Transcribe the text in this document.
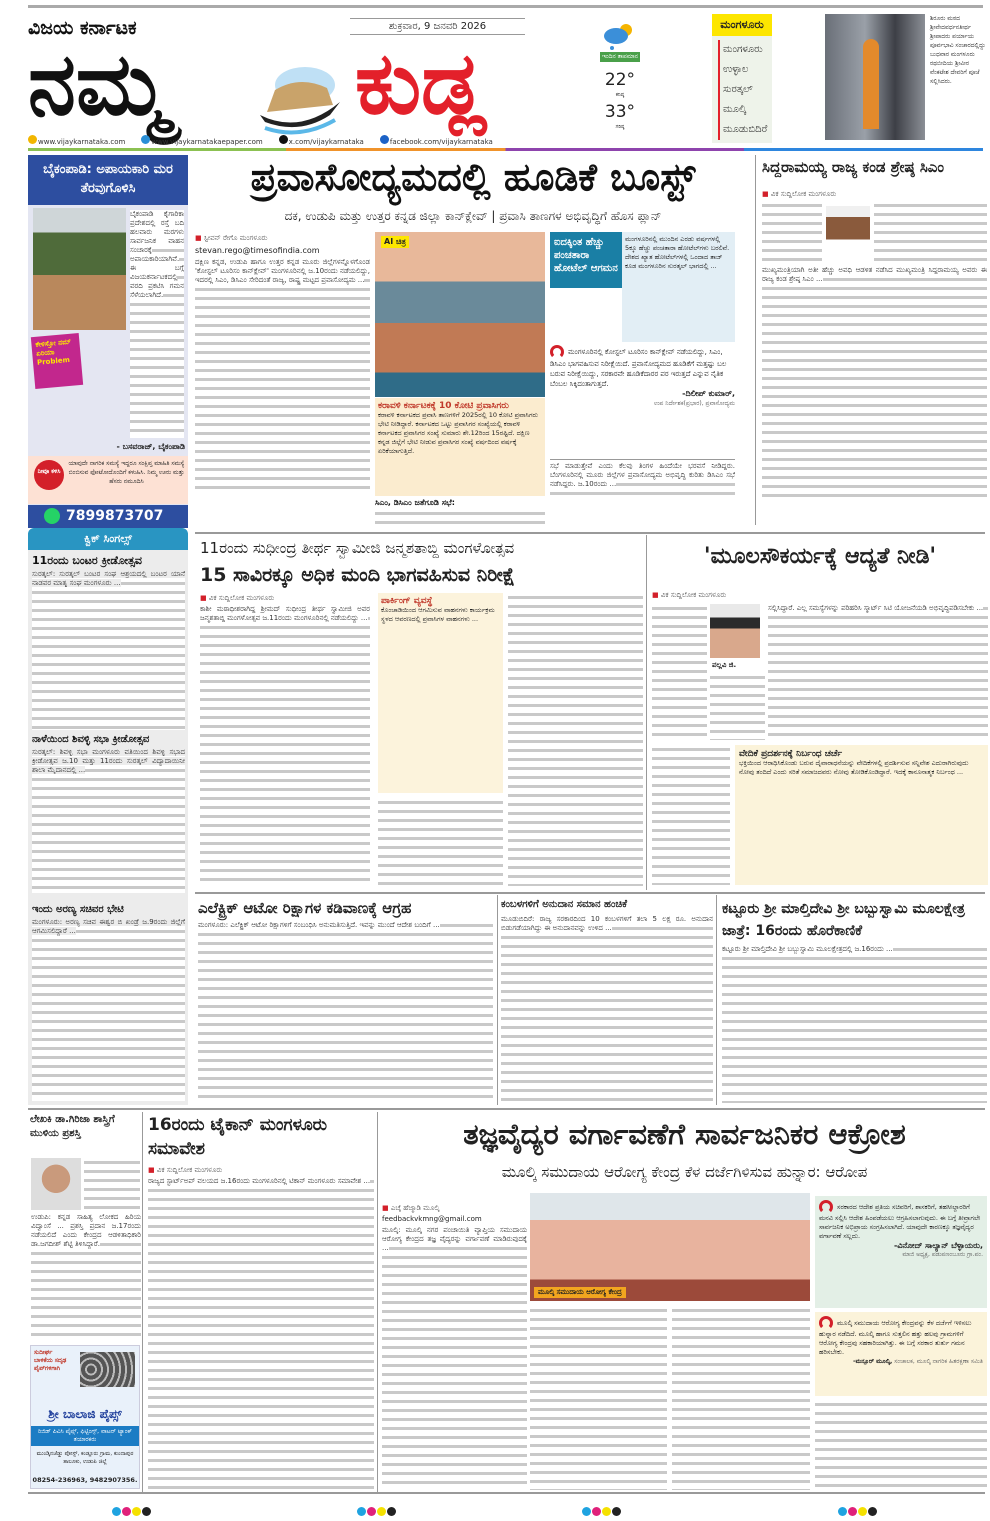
ವಿಜಯ ಕರ್ನಾಟಕ	ಶುಕ್ರವಾರ, 9 ಜನವರಿ 2026
ನಮ್ಮ ಕುಡ್ಲ	ಇಂದಿನ ತಾಪಮಾನ
22°
ಕನಿಷ್ಠ
33°
ಗರಿಷ್ಠ
ಮಂಗಳೂರು
ಮಂಗಳೂರು
ಉಳ್ಳಾಲ
ಸುರತ್ಕಲ್
ಮೂಲ್ಕಿ
ಮೂಡುಬಿದಿರೆ
ಶಿರೂರು ಮಠದ ಶ್ರೀವೇದವರ್ಧನತೀರ್ಥ ಶ್ರೀಪಾದರು ಪರ್ಯಾಯ ಪೂರ್ವಭಾವಿ ಸಂಚಾರದಲ್ಲಿದ್ದು ಬುಧವಾರ ಮಂಗಳೂರು ರಥಬೀದಿಯ ಶ್ರೀವೀರ ವೆಂಕಟೇಶ ದೇವರಿಗೆ ಪೂಜೆ ಸಲ್ಲಿಸಿದರು.
www.vijaykarnataka.com	www.vijaykarnatakaepaper.com	x.com/vijaykarnataka	facebook.com/vijaykarnataka
ಬೈಕಂಪಾಡಿ: ಅಪಾಯಕಾರಿ ಮರ ತೆರವುಗೊಳಿಸಿ
ಕೇಳಿಸ್ತೋ ನಮ್ ಏರಿಯಾ Problem
ಬೈಕಂಪಾಡಿ ಕೈಗಾರಿಕಾ ಪ್ರದೇಶದಲ್ಲಿ ರಸ್ತೆ ಬದಿ ಹಲವಾರು ಮರಗಳು ಸಾರ್ವಜನಿಕ ವಾಹನ ಸಂಚಾರಕ್ಕೆ ಅಪಾಯಕಾರಿಯಾಗಿವೆ. ಈ ಬಗ್ಗೆ ವಿಜಯಕರ್ನಾಟಕದಲ್ಲಿ ವರದಿ ಪ್ರಕಟಿಸಿ ಗಮನ ಸೆಳೆಯಲಾಗಿದೆ.
- ಬಸವರಾಜ್, ಬೈಕಂಪಾಡಿ
ನೀವೂ ಕಳಿಸಿ
ಯಾವುದೇ ನಾಗರಿಕ ಸಮಸ್ಯೆ ಇದ್ದರೂ ಸಂಕ್ಷಿಪ್ತ ಮಾಹಿತಿ ಸಮಸ್ಯೆ ಬಿಂಬಿಸುವ ಫೋಟೋದೊಂದಿಗೆ ಕಳುಹಿಸಿ. ನಿಮ್ಮ ಊರು ಮತ್ತು ಹೆಸರು ನಮೂದಿಸಿ
7899873707
ಕ್ವಿಕ್ ಸಿಂಗಲ್ಸ್
11ರಂದು ಬಂಟರ ಕ್ರೀಡೋತ್ಸವ
ಸುರತ್ಕಲ್: ಸುರತ್ಕಲ್ ಬಂಟರ ಸಂಘ ಆಶ್ರಯದಲ್ಲಿ ಬಂಟರ ಯಾನೆ ನಾಡವರ ಮಾತೃ ಸಂಘ ಮಂಗಳೂರು ...
ನಾಳೆಯಿಂದ ಶಿವಳ್ಳಿ ಸಭಾ ಕ್ರೀಡೋತ್ಸವ
ಸುರತ್ಕಲ್: ಶಿವಳ್ಳಿ ಸಭಾ ಮಂಗಳೂರು ವತಿಯಿಂದ ಶಿವಳ್ಳಿ ಸಭಾದ ಕ್ರೀಡೋತ್ಸವ ಜ.10 ಮತ್ತು 11ರಂದು ಸುರತ್ಕಲ್ ವಿದ್ಯಾದಾಯಿನೀ ಶಾಲಾ ಮೈದಾನದಲ್ಲಿ ...
ಇಂದು ಅರಣ್ಯ ಸಚಿವರ ಭೇಟಿ
ಮಂಗಳೂರು: ಅರಣ್ಯ ಸಚಿವ ಈಶ್ವರ ಬಿ ಖಂಡ್ರೆ ಜ.9ರಂದು ಜಿಲ್ಲೆಗೆ ಆಗಮಿಸಲಿದ್ದಾರೆ ...
ಪ್ರವಾಸೋದ್ಯಮದಲ್ಲಿ ಹೂಡಿಕೆ ಬೂಸ್ಟ್
ದಕ, ಉಡುಪಿ ಮತ್ತು ಉತ್ತರ ಕನ್ನಡ ಜಿಲ್ಲಾ ಕಾನ್‌ಕ್ಲೇವ್ | ಪ್ರವಾಸಿ ತಾಣಗಳ ಅಭಿವೃದ್ಧಿಗೆ ಹೊಸ ಪ್ಲಾನ್
■ ಸ್ಟೀವನ್ ರೇಗೊ ಮಂಗಳೂರು
stevan.rego@timesofindia.com
ದಕ್ಷಿಣ ಕನ್ನಡ, ಉಡುಪಿ ಹಾಗೂ ಉತ್ತರ ಕನ್ನಡ ಮೂರು ಜಿಲ್ಲೆಗಳನ್ನೊಳಗೊಂಡ 'ಕೋಸ್ಟಲ್ ಟೂರಿಸಂ ಕಾನ್‌ಕ್ಲೇವ್' ಮಂಗಳೂರಿನಲ್ಲಿ ಜ.10ರಂದು ನಡೆಯಲಿದ್ದು, ಇದರಲ್ಲಿ ಸಿಎಂ, ಡಿಸಿಎಂ ಸೇರಿದಂತೆ ರಾಜ್ಯ, ರಾಷ್ಟ್ರ ಮಟ್ಟದ ಪ್ರವಾಸೋದ್ಯಮ ...
ಸಿಎಂ, ಡಿಸಿಎಂ ಜತೆಗೂಡಿ ಸಭೆ:
AI ಚಿತ್ರ
ಕರಾವಳಿ ಕರ್ನಾಟಕಕ್ಕೆ 10 ಕೋಟಿ ಪ್ರವಾಸಿಗರು
ಕರಾವಳಿ ಕರ್ನಾಟಕದ ಪ್ರವಾಸಿ ತಾಣಗಳಿಗೆ 2025ರಲ್ಲಿ 10 ಕೋಟಿ ಪ್ರವಾಸಿಗರು ಭೇಟಿ ನೀಡಿದ್ದಾರೆ. ಕರ್ನಾಟಕದ ಒಟ್ಟು ಪ್ರವಾಸಿಗರ ಸಂಖ್ಯೆಯಲ್ಲಿ ಕರಾವಳಿ ಕರ್ನಾಟಕದ ಪ್ರವಾಸಿಗರ ಸಂಖ್ಯೆ ಸುಮಾರು ಶೇ.12ರಿಂದ 15ರಷ್ಟಿದೆ. ದಕ್ಷಿಣ ಕನ್ನಡ ಜಿಲ್ಲೆಗೆ ಭೇಟಿ ನೀಡುವ ಪ್ರವಾಸಿಗರ ಸಂಖ್ಯೆ ವರ್ಷದಿಂದ ವರ್ಷಕ್ಕೆ ಏರಿಕೆಯಾಗುತ್ತಿದೆ.
ಐದಕ್ಕಿಂತ ಹೆಚ್ಚು ಪಂಚತಾರಾ ಹೋಟೆಲ್ ಆಗಮನ
ಮಂಗಳೂರಿನಲ್ಲಿ ಮುಂದಿನ ಎರಡು ವರ್ಷಗಳಲ್ಲಿ 5ಕ್ಕೂ ಹೆಚ್ಚು ಪಂಚತಾರಾ ಹೋಟೆಲ್‌ಗಳು ಬರಲಿವೆ. ದೇಶದ ಖ್ಯಾತ ಹೋಟೆಲ್‌ಗಳಲ್ಲಿ ಒಂದಾದ ತಾಜ್ ಕೂಡ ಮಂಗಳೂರಿನ ಸುರತ್ಕಲ್ ಭಾಗದಲ್ಲಿ ...
ಮಂಗಳೂರಿನಲ್ಲಿ ಕೋಸ್ಟಲ್ ಟೂರಿಸಂ ಕಾನ್‌ಕ್ಲೇವ್ ನಡೆಯಲಿದ್ದು, ಸಿಎಂ, ಡಿಸಿಎಂ ಭಾಗವಹಿಸುವ ನಿರೀಕ್ಷೆಯಿದೆ. ಪ್ರವಾಸೋದ್ಯಮದ ಹೂಡಿಕೆಗೆ ಮತ್ತಷ್ಟು ಬಲ ಬರುವ ನಿರೀಕ್ಷೆಯಿದ್ದು, ಸರಕಾರವೇ ಹೂಡಿಕೆದಾರರ ಪರ ಇರುತ್ತದೆ ಎನ್ನುವ ನೈತಿಕ ಬೆಂಬಲ ಸಿಕ್ಕಿದಂತಾಗುತ್ತದೆ.
-ದಿಲೀಪ್ ಕುಮಾರ್,
ಉಪ ನಿರ್ದೇಶಕ(ಪ್ರಭಾರ), ಪ್ರವಾಸೋದ್ಯಮ
ಸಭೆ ಮಾಡುತ್ತೇವೆ ಎಂದು ಕೆಲವು ತಿಂಗಳ ಹಿಂದೆಯೇ ಭರವಸೆ ನೀಡಿದ್ದರು. ಬೆಂಗಳೂರಿನಲ್ಲಿ ಮೂರು ಜಿಲ್ಲೆಗಳ ಪ್ರವಾಸೋದ್ಯಮ ಅಭಿವೃದ್ಧಿ ಕುರಿತು ಡಿಸಿಎಂ ಸಭೆ ನಡೆಸಿದ್ದರು. ಜ.10ರಂದು ...
ಸಿದ್ದರಾಮಯ್ಯ ರಾಜ್ಯ ಕಂಡ ಶ್ರೇಷ್ಠ ಸಿಎಂ
■ ವಿಕ ಸುದ್ದಿಲೋಕ ಮಂಗಳೂರು
ಮುಖ್ಯಮಂತ್ರಿಯಾಗಿ ಅತೀ ಹೆಚ್ಚು ಅವಧಿ ಆಡಳಿತ ನಡೆಸಿದ ಮುಖ್ಯಮಂತ್ರಿ ಸಿದ್ದರಾಮಯ್ಯ ಅವರು ಈ ರಾಜ್ಯ ಕಂಡ ಶ್ರೇಷ್ಠ ಸಿಎಂ ...
11ರಂದು ಸುಧೀಂದ್ರ ತೀರ್ಥ ಸ್ವಾಮೀಜಿ ಜನ್ಮಶತಾಬ್ದಿ ಮಂಗಳೋತ್ಸವ
15 ಸಾವಿರಕ್ಕೂ ಅಧಿಕ ಮಂದಿ ಭಾಗವಹಿಸುವ ನಿರೀಕ್ಷೆ
■ ವಿಕ ಸುದ್ದಿಲೋಕ ಮಂಗಳೂರು
ಕಾಶೀ ಮಠಾಧೀಶರಾಗಿದ್ದ ಶ್ರೀಮದ್ ಸುಧೀಂದ್ರ ತೀರ್ಥ ಸ್ವಾಮೀಜಿ ಅವರ ಜನ್ಮಶತಾಬ್ದಿ ಮಂಗಳೋತ್ಸವ ಜ.11ರಂದು ಮಂಗಳೂರಿನಲ್ಲಿ ನಡೆಯಲಿದ್ದು ...
ಪಾರ್ಕಿಂಗ್ ವ್ಯವಸ್ಥೆ
ಕೊಂಚಾಡಿಯಿಂದ ಆಗಮಿಸುವ ವಾಹನಗಳು ಕಾರ್ಯಕ್ರಮ ಸ್ಥಳದ ಆವರಣದಲ್ಲಿ ಪ್ರವಾಸಿಗಳ ವಾಹನಗಳು ...
'ಮೂಲಸೌಕರ್ಯಕ್ಕೆ ಆದ್ಯತೆ ನೀಡಿ'
■ ವಿಕ ಸುದ್ದಿಲೋಕ ಮಂಗಳೂರು
ಪಲ್ಲವಿ ಜಿ.
ಸಲ್ಲಿಸಿದ್ದಾರೆ. ಎಲ್ಲ ಸಮಸ್ಯೆಗಳನ್ನು ಪರಿಹರಿಸಿ ಸ್ಮಾರ್ಟ್ ಸಿಟಿ ಯೋಜನೆಯಡಿ ಅಭಿವೃದ್ಧಿಪಡಿಸಬೇಕು ...
ವೇದಿಕೆ ಪ್ರದರ್ಶನಕ್ಕೆ ನಿರ್ಬಂಧ ಚರ್ಚೆ
ಭಕ್ತಿಯಿಂದ ಆರಾಧಿಸಿಕೊಂಡು ಬರುವ ದೈವಾರಾಧನೆಯನ್ನು ವೇದಿಕೆಗಳಲ್ಲಿ ಪ್ರದರ್ಶಿಸುವ ಸನ್ನಿವೇಶ ಎದುರಾಗಿರುವುದು ನೋವು ತಂದಿದೆ ಎಂದು ಸರಿತೆ ಸಮಾಜದವರು ನೋವು ತೋಡಿಕೊಂಡಿದ್ದಾರೆ. ಇದಕ್ಕೆ ಕಾನೂನಾತ್ಮಕ ನಿರ್ಬಂಧ ...
ಎಲೆಕ್ಟ್ರಿಕ್ ಆಟೋ ರಿಕ್ಷಾಗಳ ಕಡಿವಾಣಕ್ಕೆ ಆಗ್ರಹ
ಮಂಗಳೂರು: ಎಲೆಕ್ಟ್ರಿಕ್ ಆಟೋ ರಿಕ್ಷಾಗಳಿಗೆ ಸಂಬಂಧಿಸಿ ಅನುಮತಿಸುತ್ತಿದೆ. ಇವನ್ನು ಮುಂದೆ ಆದೇಶ ಬಂದಿಗೆ ...
ಕಂಬಳಗಳಿಗೆ ಅನುದಾನ ಸಮಾನ ಹಂಚಿಕೆ
ಮೂಡುಬಿದಿರೆ: ರಾಜ್ಯ ಸರಕಾರದಿಂದ 10 ಕಂಬಳಗಳಿಗೆ ತಲಾ 5 ಲಕ್ಷ ರೂ. ಅನುದಾನ ಬಿಡುಗಡೆಯಾಗಿದ್ದು ಈ ಅನುದಾನವನ್ನು ಉಳಿದ ...
ಕಟ್ಟೂರು ಶ್ರೀ ಮಾಲ್ತಿದೇವಿ ಶ್ರೀ ಬಬ್ಬುಸ್ವಾಮಿ ಮೂಲಕ್ಷೇತ್ರ ಜಾತ್ರೆ: 16ರಂದು ಹೊರೆಕಾಣಿಕೆ
ಕಟ್ಟೂರು ಶ್ರೀ ಮಾಲ್ತಿದೇವಿ ಶ್ರೀ ಬಬ್ಬುಸ್ವಾಮಿ ಮೂಲಕ್ಷೇತ್ರದಲ್ಲಿ ಜ.16ರಂದು ...
ಲೇಖಕಿ ಡಾ.ಗಿರಿಜಾ ಶಾಸ್ತ್ರಿಗೆ ಮುಳಿಯ ಪ್ರಶಸ್ತಿ
ಉಡುಪಿ: ಕನ್ನಡ ಸಾಹಿತ್ಯ ಲೋಕದ ಹಿರಿಯ ವಿದ್ವಾಂಸೆ ... ಪ್ರಶಸ್ತಿ ಪ್ರದಾನ ಜ.17ರಂದು ನಡೆಯಲಿದೆ ಎಂದು ಕೇಂದ್ರದ ಆಡಳಿತಾಧಿಕಾರಿ ಡಾ.ಜಗದೀಶ್ ಶೆಟ್ಟಿ ತಿಳಿಸಿದ್ದಾರೆ.
ಸುದೀರ್ಘ ಬಾಳಿಕೆಯ ಸದೃಢ ಪೈಪ್‌ಗಳಿಗಾಗಿ
ಶ್ರೀ ಬಾಲಾಜಿ ಪೈಪ್ಸ್
ರಿಜಿಡ್ ಪಿವಿಸಿ ಪೈಪ್ಸ್, ಫಿಟ್ಟಿಂಗ್ಸ್, ವಾಟರ್ ಟ್ಯಾಂಕ್ ತಯಾರಕರು
ಮುಂಡ್ಕಿನಜೆಡ್ಡು ಪೋಸ್ಟ್, ಕಂಡ್ಲೂರು ಗ್ರಾಮ, ಕುಂದಾಪುರ ತಾಲೂಕು, ಉಡುಪಿ ಜಿಲ್ಲೆ
08254-236963, 9482907356.
16ರಂದು ಟೈಕಾನ್ ಮಂಗಳೂರು ಸಮಾವೇಶ
■ ವಿಕ ಸುದ್ದಿಲೋಕ ಮಂಗಳೂರು
ರಾಜ್ಯದ ಸ್ಟಾರ್ಟ್‌ಅಪ್ ವಲಯದ ಜ.16ರಂದು ಮಂಗಳೂರಿನಲ್ಲಿ ಟಿಕಾನ್ ಮಂಗಳೂರು ಸಮಾವೇಶ ...
ತಜ್ಞವೈದ್ಯರ ವರ್ಗಾವಣೆಗೆ ಸಾರ್ವಜನಿಕರ ಆಕ್ರೋಶ
ಮೂಲ್ಕಿ ಸಮುದಾಯ ಆರೋಗ್ಯ ಕೇಂದ್ರ ಕೆಳ ದರ್ಜೆಗಿಳಿಸುವ ಹುನ್ನಾರ: ಆರೋಪ
■ ಎಚ್ಕೆ ಹೆಜ್ಮಾಡಿ ಮೂಲ್ಕಿ
feedbackvkmng@gmail.com
ಮೂಲ್ಕಿ: ಮೂಲ್ಕಿ ನಗರ ಪಂಚಾಯಿತಿ ವ್ಯಾಪ್ತಿಯ ಸಮುದಾಯ ಆರೋಗ್ಯ ಕೇಂದ್ರದ ತಜ್ಞ ವೈದ್ಯರನ್ನು ವರ್ಗಾವಣೆ ಮಾಡಿರುವುದಕ್ಕೆ ...
ಮೂಲ್ಕಿ ಸಮುದಾಯ ಆರೋಗ್ಯ ಕೇಂದ್ರ
ಸರಕಾರದ ಆದೇಶ ಪ್ರತಿಯ ಸಚಿವರಿಗೆ, ಶಾಸಕರಿಗೆ, ತಹಸೀಲ್ದಾರರಿಗೆ ಮನವಿ ಸಲ್ಲಿಸಿ ಆದೇಶ ಹಿಂಪಡೆಯಲು ಆಗ್ರಹಿಸಲಾಗುವುದು. ಈ ಬಗ್ಗೆ ತೀವ್ರಾಗಲೇ ಸಾರ್ವಜನಿಕ ಅಭಿಪ್ರಾಯ ಸಂಗ್ರಹಿಸಲಾಗಿದೆ. ಯಾವುದೇ ಕಾರಣಕ್ಕೂ ತಜ್ಞವೈದ್ಯರ ವರ್ಗಾವಣೆ ಸಲ್ಲದು.
-ವಿನೋದ್ ಸಾಲ್ಯಾನ್ ಬೆಳ್ಳಾಯರು,
ಮಾಜಿ ಅಧ್ಯಕ್ಷ, ಪಡುಪಣಂಬೂರು ಗ್ರಾ.ಪಂ.
ಮೂಲ್ಕಿ ಸಮುದಾಯ ಆರೋಗ್ಯ ಕೇಂದ್ರವನ್ನು ಕೆಳ ದರ್ಜೆಗೆ ಇಳಿಸಲು ಹುನ್ನಾರ ನಡೆದಿದೆ. ಮೂಲ್ಕಿ ಹಾಗೂ ಸುತ್ತಲಿನ ಹತ್ತು ಹಲವು ಗ್ರಾಮಗಳಿಗೆ ಆರೋಗ್ಯ ಕೇಂದ್ರವು ಸಹಕಾರಿಯಾಗಿತ್ತು. ಈ ಬಗ್ಗೆ ಸರಕಾರ ತುರ್ತು ಗಮನ ಹರಿಸಬೇಕು.
-ಮನ್ಸೂರ್ ಮೂಲ್ಕಿ, ಸಂಚಾಲಕ, ಮೂಲ್ಕಿ ನಾಗರಿಕ ಹಿತರಕ್ಷಣಾ ಸಮಿತಿ
